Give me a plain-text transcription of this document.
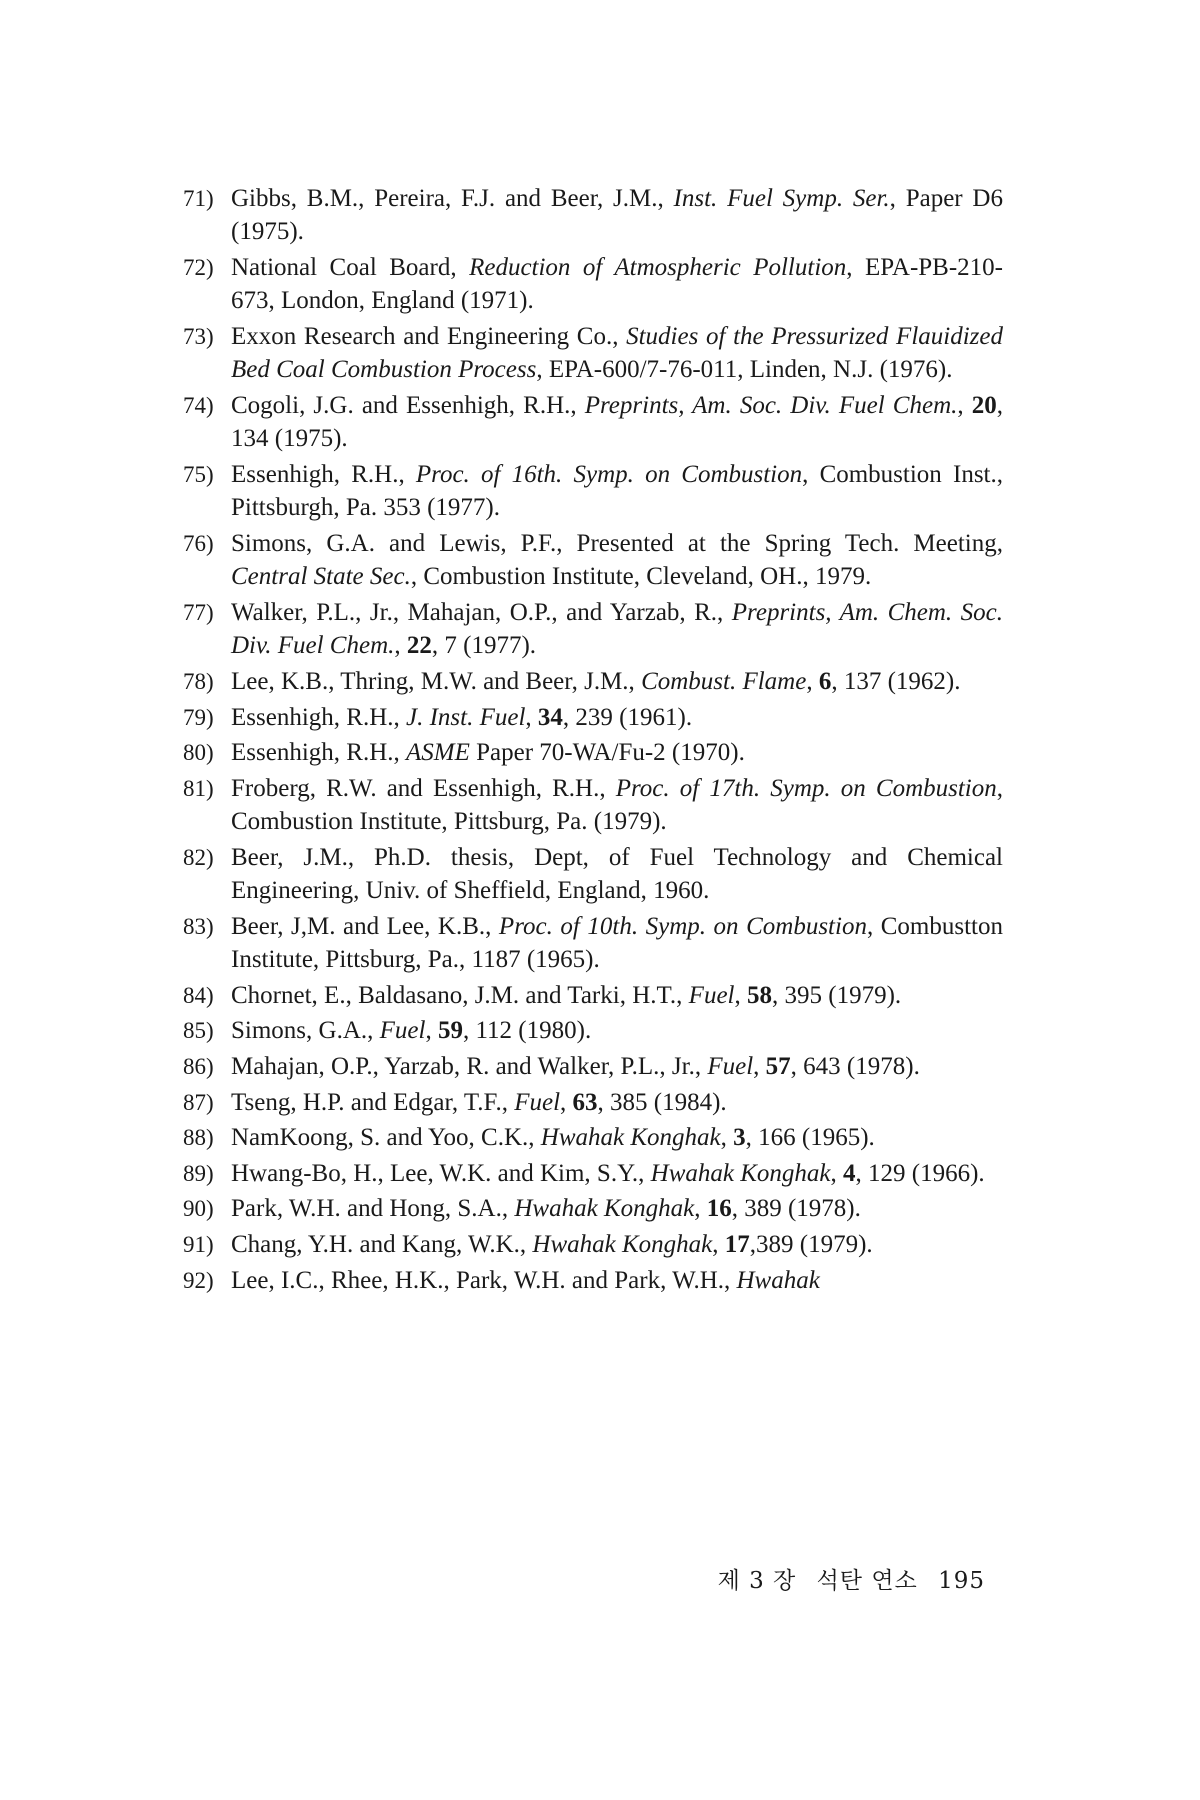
71) Gibbs, B.M., Pereira, F.J. and Beer, J.M., Inst. Fuel Symp. Ser., Paper D6 (1975).
72) National Coal Board, Reduction of Atmospheric Pollution, EPA-PB-210-673, London, England (1971).
73) Exxon Research and Engineering Co., Studies of the Pressurized Flauidized Bed Coal Combustion Process, EPA-600/7-76-011, Linden, N.J. (1976).
74) Cogoli, J.G. and Essenhigh, R.H., Preprints, Am. Soc. Div. Fuel Chem., 20, 134 (1975).
75) Essenhigh, R.H., Proc. of 16th. Symp. on Combustion, Combustion Inst., Pittsburgh, Pa. 353 (1977).
76) Simons, G.A. and Lewis, P.F., Presented at the Spring Tech. Meeting, Central State Sec., Combustion Institute, Cleveland, OH., 1979.
77) Walker, P.L., Jr., Mahajan, O.P., and Yarzab, R., Preprints, Am. Chem. Soc. Div. Fuel Chem., 22, 7 (1977).
78) Lee, K.B., Thring, M.W. and Beer, J.M., Combust. Flame, 6, 137 (1962).
79) Essenhigh, R.H., J. Inst. Fuel, 34, 239 (1961).
80) Essenhigh, R.H., ASME Paper 70-WA/Fu-2 (1970).
81) Froberg, R.W. and Essenhigh, R.H., Proc. of 17th. Symp. on Combustion, Combustion Institute, Pittsburg, Pa. (1979).
82) Beer, J.M., Ph.D. thesis, Dept, of Fuel Technology and Chemical Engineering, Univ. of Sheffield, England, 1960.
83) Beer, J,M. and Lee, K.B., Proc. of 10th. Symp. on Combustion, Combustton Institute, Pittsburg, Pa., 1187 (1965).
84) Chornet, E., Baldasano, J.M. and Tarki, H.T., Fuel, 58, 395 (1979).
85) Simons, G.A., Fuel, 59, 112 (1980).
86) Mahajan, O.P., Yarzab, R. and Walker, P.L., Jr., Fuel, 57, 643 (1978).
87) Tseng, H.P. and Edgar, T.F., Fuel, 63, 385 (1984).
88) NamKoong, S. and Yoo, C.K., Hwahak Konghak, 3, 166 (1965).
89) Hwang-Bo, H., Lee, W.K. and Kim, S.Y., Hwahak Konghak, 4, 129 (1966).
90) Park, W.H. and Hong, S.A., Hwahak Konghak, 16, 389 (1978).
91) Chang, Y.H. and Kang, W.K., Hwahak Konghak, 17,389 (1979).
92) Lee, I.C., Rhee, H.K., Park, W.H. and Park, W.H., Hwahak
제 3 장 석탄 연소 195
